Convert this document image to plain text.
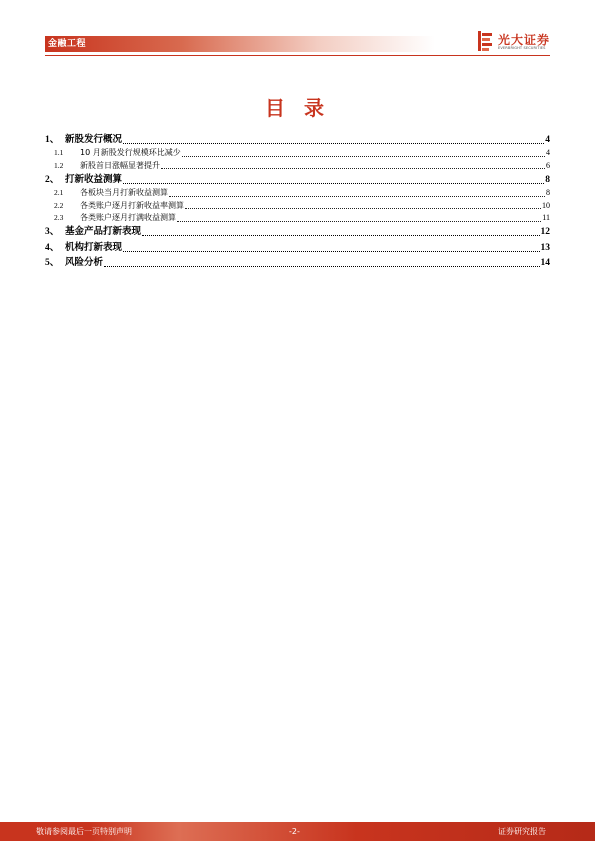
金融工程	光大证券
EVERBRIGHT SECURITIES
目 录
1、 新股发行概况	4
1.1	10 月新股发行规模环比减少	4
1.2	新股首日涨幅显著提升	6
2、 打新收益测算	8
2.1	各板块当月打新收益测算	8
2.2	各类账户逐月打新收益率测算	10
2.3	各类账户逐月打满收益测算	11
3、 基金产品打新表现	12
4、 机构打新表现	13
5、 风险分析	14
敬请参阅最后一页特别声明	-2-	证券研究报告
